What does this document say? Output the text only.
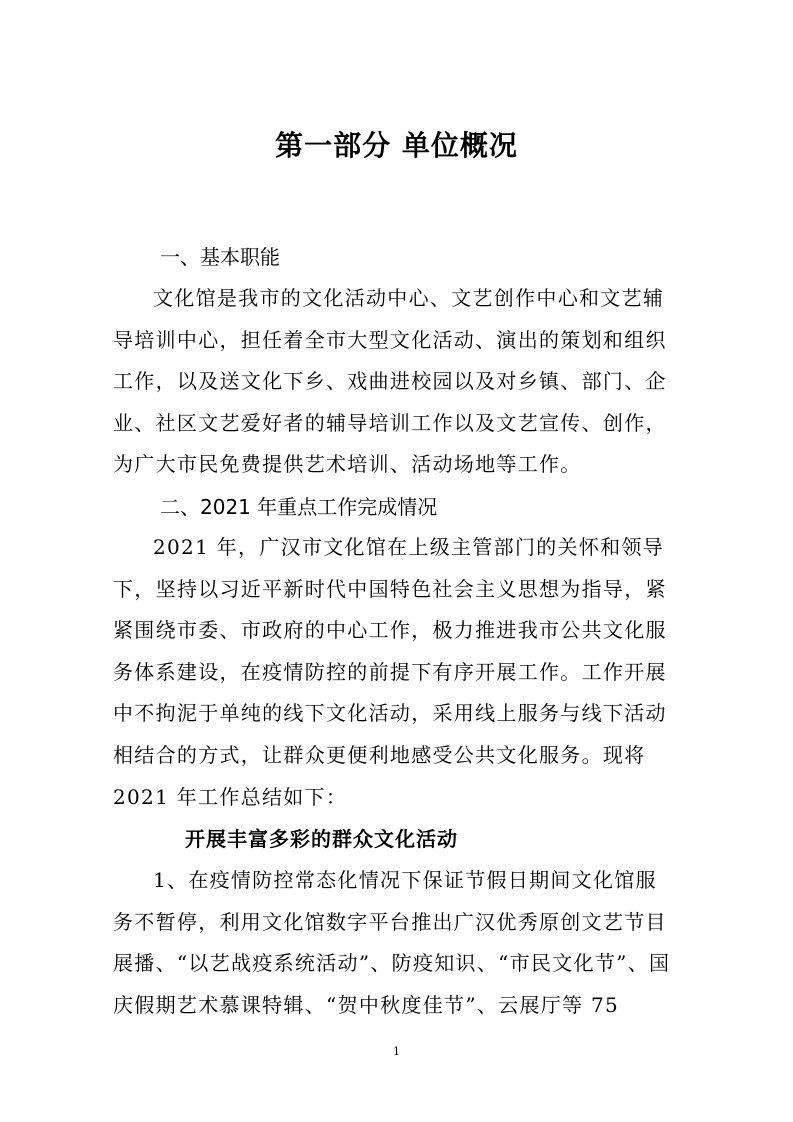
第一部分 单位概况
一、基本职能

文化馆是我市的文化活动中心、文艺创作中心和文艺辅导培训中心，担任着全市大型文化活动、演出的策划和组织工作，以及送文化下乡、戏曲进校园以及对乡镇、部门、企业、社区文艺爱好者的辅导培训工作以及文艺宣传、创作，为广大市民免费提供艺术培训、活动场地等工作。

二、2021 年重点工作完成情况

2021 年，广汉市文化馆在上级主管部门的关怀和领导下，坚持以习近平新时代中国特色社会主义思想为指导，紧紧围绕市委、市政府的中心工作，极力推进我市公共文化服务体系建设，在疫情防控的前提下有序开展工作。工作开展中不拘泥于单纯的线下文化活动，采用线上服务与线下活动相结合的方式，让群众更便利地感受公共文化服务。现将 2021 年工作总结如下：

开展丰富多彩的群众文化活动

1、在疫情防控常态化情况下保证节假日期间文化馆服务不暂停，利用文化馆数字平台推出广汉优秀原创文艺节目展播、“以艺战疫系统活动”、防疫知识、“市民文化节”、国庆假期艺术慕课特辑、“贺中秋度佳节”、云展厅等 75

1
